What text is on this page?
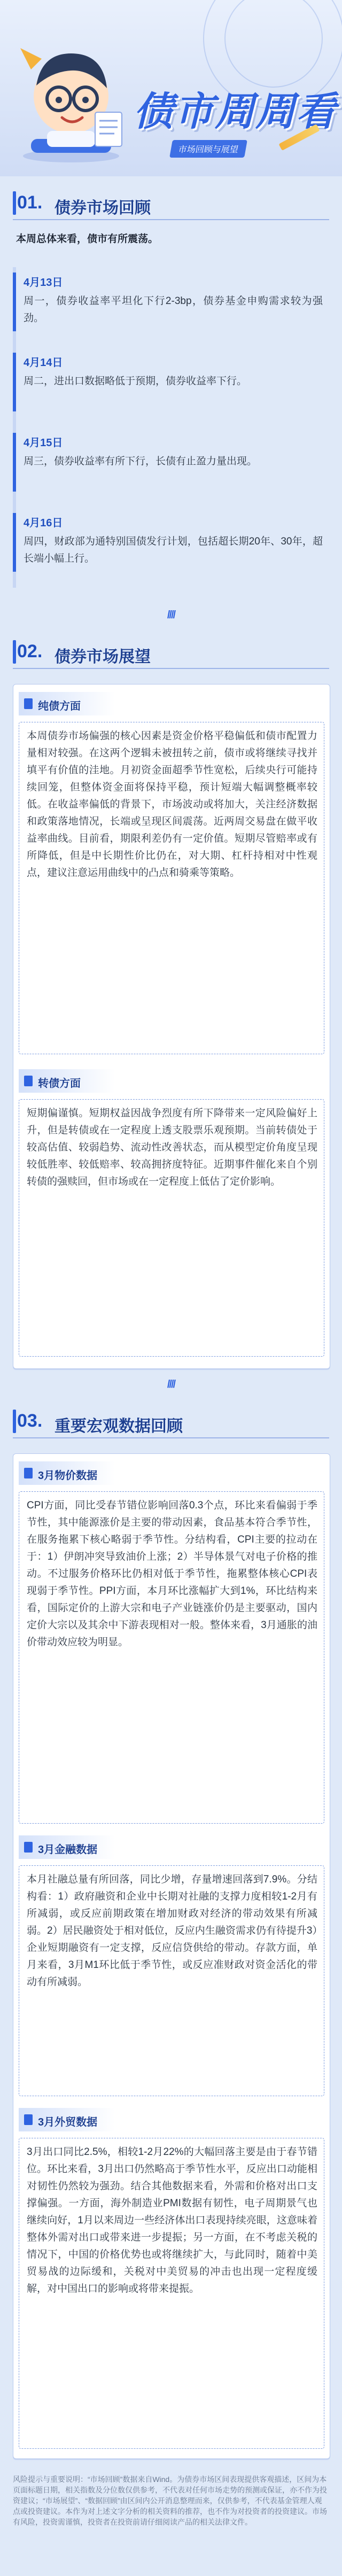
债市周周看
市场回顾与展望
01. 债券市场回顾
本周总体来看，债市有所震荡。
4月13日
周一，债券收益率平坦化下行2-3bp，债券基金申购需求较为强劲。
4月14日
周二，进出口数据略低于预期，债券收益率下行。
4月15日
周三，债券收益率有所下行，长债有止盈力量出现。
4月16日
周四，财政部为通特别国债发行计划，包括超长期20年、30年，超长端小幅上行。
////
02. 债券市场展望
纯债方面
本周债券市场偏强的核心因素是资金价格平稳偏低和债市配置力量相对较强。在这两个逻辑未被扭转之前，债市或将继续寻找并填平有价值的洼地。月初资金面超季节性宽松，后续央行可能持续回笼，但整体资金面将保持平稳，预计短端大幅调整概率较低。在收益率偏低的背景下，市场波动或将加大，关注经济数据和政策落地情况，长端或呈现区间震荡。近两周交易盘在做平收益率曲线。目前看，期限利差仍有一定价值。短期尽管赔率或有所降低，但是中长期性价比仍在，对大期、杠杆持相对中性观点，建议注意运用曲线中的凸点和骑乘等策略。
转债方面
短期偏谨慎。短期权益因战争烈度有所下降带来一定风险偏好上升，但是转债或在一定程度上透支股票乐观预期。当前转债处于较高估值、较弱趋势、流动性改善状态，而从模型定价角度呈现较低胜率、较低赔率、较高拥挤度特征。近期事件催化来自个别转债的强赎回，但市场或在一定程度上低估了定价影响。
////
03. 重要宏观数据回顾
3月物价数据
CPI方面，同比受春节错位影响回落0.3个点，环比来看偏弱于季节性，其中能源涨价是主要的带动因素，食品基本符合季节性，在服务拖累下核心略弱于季节性。分结构看，CPI主要的拉动在于：1）伊朗冲突导致油价上涨；2）半导体景气对电子价格的推动。不过服务价格环比仍相对低于季节性，拖累整体核心CPI表现弱于季节性。PPI方面，本月环比涨幅扩大到1%，环比结构来看，国际定价的上游大宗和电子产业链涨价仍是主要驱动，国内定价大宗以及其余中下游表现相对一般。整体来看，3月通胀的油价带动效应较为明显。
3月金融数据
本月社融总量有所回落，同比少增，存量增速回落到7.9%。分结构看：1）政府融资和企业中长期对社融的支撑力度相较1-2月有所减弱，或反应前期政策在增加财政对经济的带动效果有所减弱。2）居民融资处于相对低位，反应内生融资需求仍有待提升3）企业短期融资有一定支撑，反应信贷供给的带动。存款方面，单月来看，3月M1环比低于季节性，或反应准财政对资金活化的带动有所减弱。
3月外贸数据
3月出口同比2.5%，相较1-2月22%的大幅回落主要是由于春节错位。环比来看，3月出口仍然略高于季节性水平，反应出口动能相对韧性仍然较为强劲。结合其他数据来看，外需和价格对出口支撑偏强。一方面，海外制造业PMI数据有韧性，电子周期景气也继续向好，1月以来周边一些经济体出口表现持续亮眼，这意味着整体外需对出口或带来进一步提振；另一方面，在不考虑关税的情况下，中国的价格优势也或将继续扩大，与此同时，随着中美贸易战的边际缓和，关税对中美贸易的冲击也出现一定程度缓解，对中国出口的影响或将带来提振。
风险提示与重要说明：“市场回顾”数据来自Wind。为债券市场区间表现提供客观描述，区间为本页面标题日期，相关指数及分位数仅供参考，不代表对任何市场走势的预测或保证，亦不作为投资建议；“市场展望”、“数据回顾”由区间内公开消息整理而来，仅供参考，不代表基金管理人观点或投资建议。本作为对上述文字分析的相关资料的推荐，也不作为对投资者的投资建议。市场有风险，投资需谨慎，投资者在投资前请仔细阅读产品的相关法律文件。
